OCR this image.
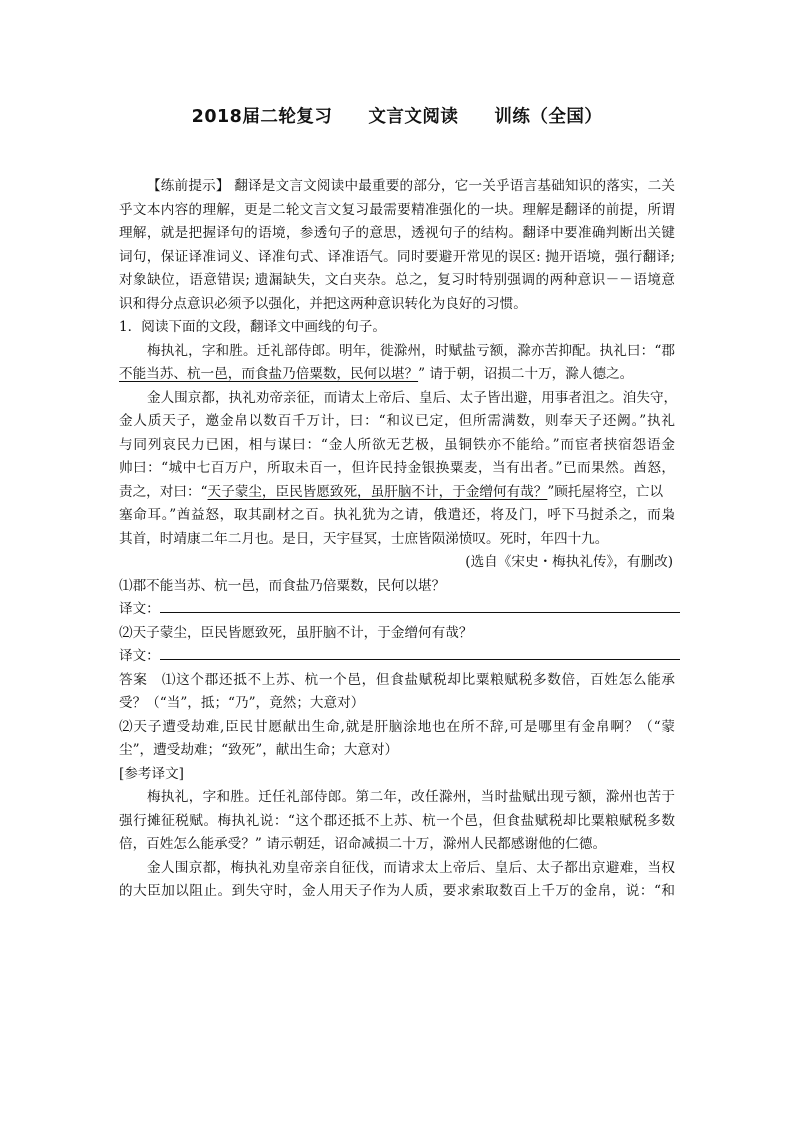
2018届二轮复习　　文言文阅读　　训练（全国）
【练前提示】 翻译是文言文阅读中最重要的部分，它一关乎语言基础知识的落实，二关
乎文本内容的理解，更是二轮文言文复习最需要精准强化的一块。理解是翻译的前提，所谓
理解，就是把握译句的语境，参透句子的意思，透视句子的结构。翻译中要准确判断出关键
词句，保证译准词义、译准句式、译准语气。同时要避开常见的误区: 抛开语境，强行翻译;
对象缺位，语意错误; 遗漏缺失，文白夹杂。总之，复习时特别强调的两种意识－－语境意
识和得分点意识必须予以强化，并把这两种意识转化为良好的习惯。
1．阅读下面的文段，翻译文中画线的句子。
梅执礼，字和胜。迁礼部侍郎。明年，徙滁州，时赋盐亏额，滁亦苦抑配。执礼曰：“郡
不能当苏、杭一邑，而食盐乃倍粟数，民何以堪？” 请于朝，诏损二十万，滁人德之。
金人围京都，执礼劝帝亲征，而请太上帝后、皇后、太子皆出避，用事者沮之。洎失守，
金人质天子，邀金帛以数百千万计，曰：“和议已定，但所需满数，则奉天子还阙。”执礼
与同列哀民力已困，相与谋曰：“金人所欲无艺极，虽铜铁亦不能给。”而宦者挟宿怨语金
帅曰：“城中七百万户，所取未百一，但许民持金银换粟麦，当有出者。”已而果然。酋怒，
责之，对曰：“天子蒙尘，臣民皆愿致死，虽肝脑不计，于金缯何有哉？”顾托屋将空，亡以
塞命耳。”酋益怒，取其副材之百。执礼犹为之请，俄遣还，将及门，呼下马挝杀之，而枭
其首，时靖康二年二月也。是日，天宇昼冥，士庶皆陨涕愤叹。死时，年四十九。
(选自《宋史・梅执礼传》，有删改)
⑴郡不能当苏、杭一邑，而食盐乃倍粟数，民何以堪？
译文：
⑵天子蒙尘，臣民皆愿致死，虽肝脑不计，于金缯何有哉？
译文：
答案　⑴这个郡还抵不上苏、杭一个邑，但食盐赋税却比粟粮赋税多数倍，百姓怎么能承
受？（“当”，抵；“乃”，竟然；大意对）
⑵天子遭受劫难,臣民甘愿献出生命,就是肝脑涂地也在所不辞,可是哪里有金帛啊？（“蒙
尘”，遭受劫难；“致死”，献出生命；大意对）
[参考译文]
梅执礼，字和胜。迁任礼部侍郎。第二年，改任滁州，当时盐赋出现亏额，滁州也苦于
强行摊征税赋。梅执礼说：“这个郡还抵不上苏、杭一个邑，但食盐赋税却比粟粮赋税多数
倍，百姓怎么能承受？” 请示朝廷，诏命减损二十万，滁州人民都感谢他的仁德。
金人围京都，梅执礼劝皇帝亲自征伐，而请求太上帝后、皇后、太子都出京避难，当权
的大臣加以阻止。到失守时，金人用天子作为人质，要求索取数百上千万的金帛，说：“和
